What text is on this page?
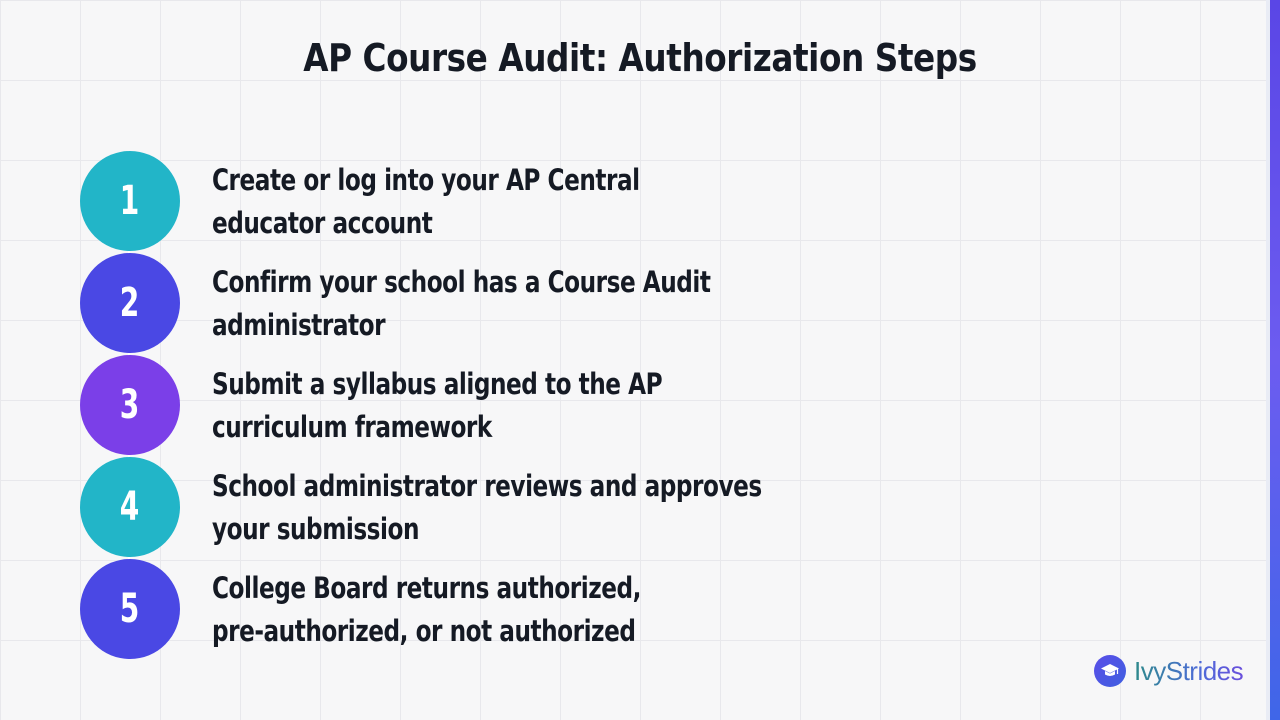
AP Course Audit: Authorization Steps
1 Create or log into your AP Central
educator account
2 Confirm your school has a Course Audit
administrator
3 Submit a syllabus aligned to the AP
curriculum framework
4 School administrator reviews and approves
your submission
5 College Board returns authorized,
pre-authorized, or not authorized
IvyStrides
